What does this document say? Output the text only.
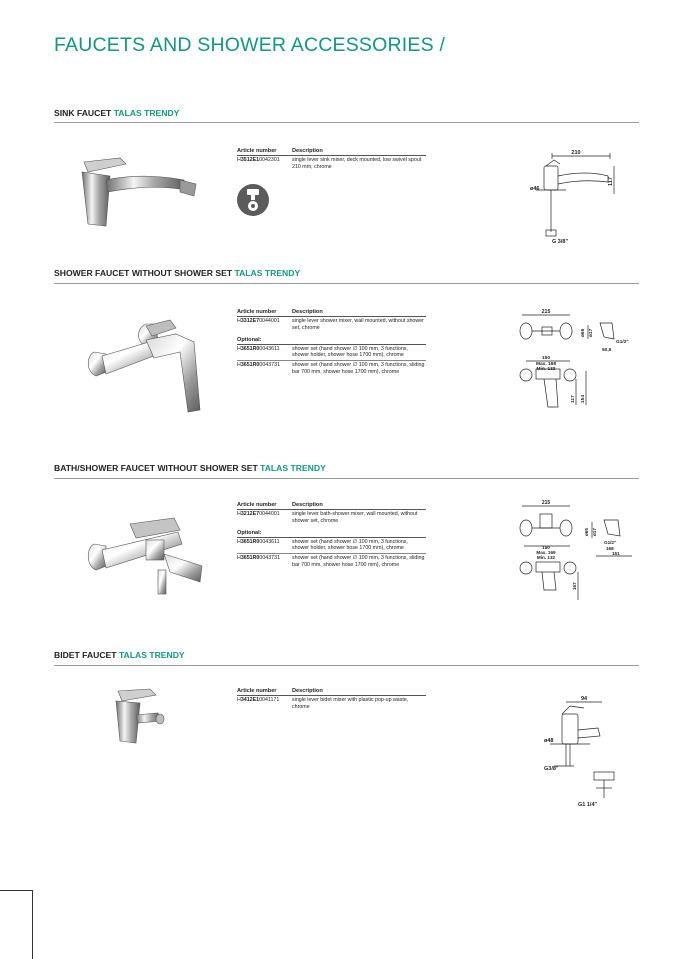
FAUCETS AND SHOWER ACCESSORIES /
SINK FAUCET TALAS TRENDY
Article number	Description
H3512E10042301	single lever sink mixer, deck mounted, low swivel spout 210 mm, chrome
210
117
ø46
G 3/8"
SHOWER FAUCET WITHOUT SHOWER SET TALAS TRENDY
Article number	Description
H3312E70044001	single lever shower mixer, wall mounted, without shower set, chrome
Optional:
H3651R00043611	shower set (hand shower ∅ 100 mm, 3 functions, shower holder, shower hose 1700 mm), chrome
H3651R00043731	shower set (hand shower ∅ 100 mm, 3 functions, sliding bar 700 mm, shower hose 1700 mm), chrome
215
ø65 ø17
G1/2"
50,6
150
Max. 168
Min. 132
117 154
BATH/SHOWER FAUCET WITHOUT SHOWER SET TALAS TRENDY
Article number	Description
H3212E70044001	single lever bath-shower mixer, wall mounted, without shower set, chrome
Optional:
H3651R00043611	shower set (hand shower ∅ 100 mm, 3 functions, shower holder, shower hose 1700 mm), chrome
H3651R00043731	shower set (hand shower ∅ 100 mm, 3 functions, sliding bar 700 mm, shower hose 1700 mm), chrome
215
ø65 ø17
G1/2"
168
151
150
Max. 169
Min. 132
167
BIDET FAUCET TALAS TRENDY
Article number	Description
H3412E10041171	single lever bidet mixer with plastic pop-up waste, chrome
94
ø48
G3/8"
G1 1/4"
